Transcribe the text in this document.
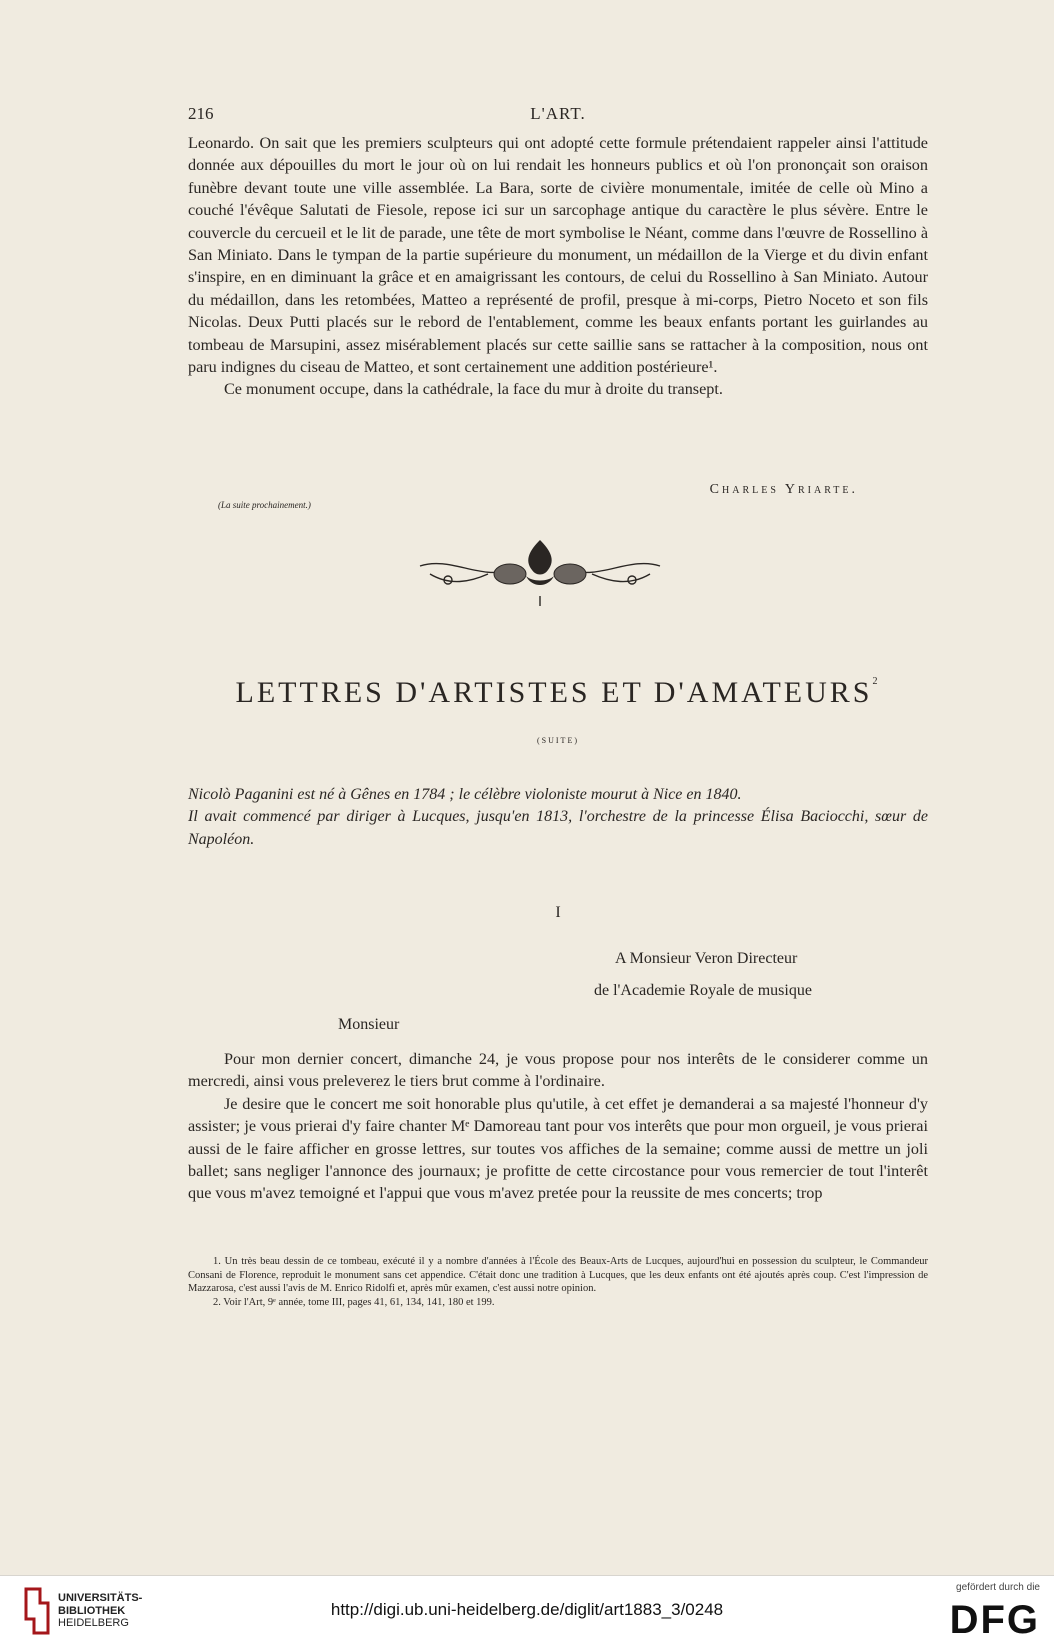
216	L'ART.

Leonardo. On sait que les premiers sculpteurs qui ont adopté cette formule prétendaient rappeler ainsi l'attitude donnée aux dépouilles du mort le jour où on lui rendait les honneurs publics et où l'on prononçait son oraison funèbre devant toute une ville assemblée. La Bara, sorte de civière monumentale, imitée de celle où Mino a couché l'évêque Salutati de Fiesole, repose ici sur un sarcophage antique du caractère le plus sévère. Entre le couvercle du cercueil et le lit de parade, une tête de mort symbolise le Néant, comme dans l'œuvre de Rossellino à San Miniato. Dans le tympan de la partie supérieure du monument, un médaillon de la Vierge et du divin enfant s'inspire, en en diminuant la grâce et en amaigrissant les contours, de celui du Rossellino à San Miniato. Autour du médaillon, dans les retombées, Matteo a représenté de profil, presque à mi-corps, Pietro Noceto et son fils Nicolas. Deux Putti placés sur le rebord de l'entablement, comme les beaux enfants portant les guirlandes au tombeau de Marsupini, assez misérablement placés sur cette saillie sans se rattacher à la composition, nous ont paru indignes du ciseau de Matteo, et sont certainement une addition postérieure¹.

Ce monument occupe, dans la cathédrale, la face du mur à droite du transept.

Charles Yriarte.
(La suite prochainement.)
LETTRES D'ARTISTES ET D'AMATEURS$^2$
(SUITE)

Nicolò Paganini est né à Gênes en 1784 ; le célèbre violoniste mourut à Nice en 1840.

Il avait commencé par diriger à Lucques, jusqu'en 1813, l'orchestre de la princesse Élisa Baciocchi, sœur de Napoléon.

I
A Monsieur Veron Directeur
de l'Academie Royale de musique
Monsieur

Pour mon dernier concert, dimanche 24, je vous propose pour nos interêts de le considerer comme un mercredi, ainsi vous preleverez le tiers brut comme à l'ordinaire.

Je desire que le concert me soit honorable plus qu'utile, à cet effet je demanderai a sa majesté l'honneur d'y assister; je vous prierai d'y faire chanter Mᵉ Damoreau tant pour vos interêts que pour mon orgueil, je vous prierai aussi de le faire afficher en grosse lettres, sur toutes vos affiches de la semaine; comme aussi de mettre un joli ballet; sans negliger l'annonce des journaux; je profitte de cette circostance pour vous remercier de tout l'interêt que vous m'avez temoigné et l'appui que vous m'avez pretée pour la reussite de mes concerts; trop

1. Un très beau dessin de ce tombeau, exécuté il y a nombre d'années à l'École des Beaux-Arts de Lucques, aujourd'hui en possession du sculpteur, le Commandeur Consani de Florence, reproduit le monument sans cet appendice. C'était donc une tradition à Lucques, que les deux enfants ont été ajoutés après coup. C'est l'impression de Mazzarosa, c'est aussi l'avis de M. Enrico Ridolfi et, après mûr examen, c'est aussi notre opinion.

2. Voir l'Art, 9ᵉ année, tome III, pages 41, 61, 134, 141, 180 et 199.

UNIVERSITÄTS-
BIBLIOTHEK
HEIDELBERG
http://digi.ub.uni-heidelberg.de/diglit/art1883_3/0248
gefördert durch die
DFG
